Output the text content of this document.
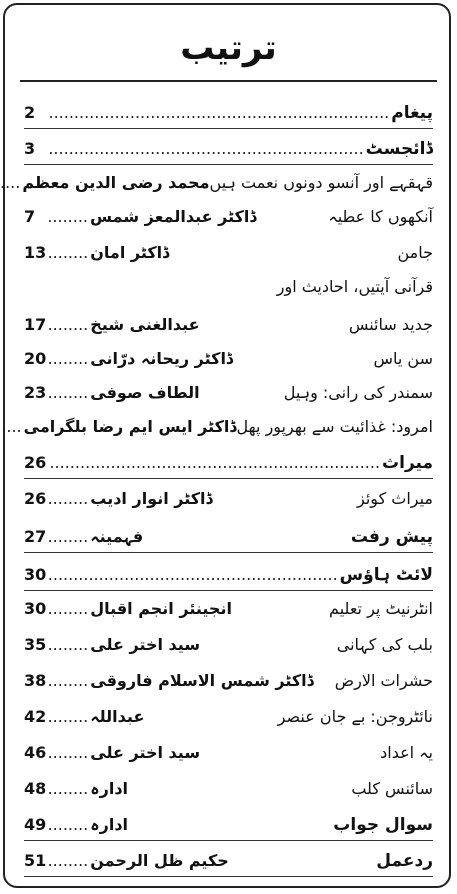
ترتیب
پیغام
.....
2
ڈائجسٹ
.....
3
قہقہے اور آنسو دونوں نعمت ہیں
محمد رضی الدین معظم
.....
آنکھوں کا عطیہ
ڈاکٹر عبدالمعز شمس
.....
7
جامن
ڈاکٹر امان
.....
13
قرآنی آیتیں، احادیث اور
جدید سائنس
عبدالغنی شیخ
.....
17
سن یاس
ڈاکٹر ریحانہ درّانی
.....
20
سمندر کی رانی: وہیل
الطاف صوفی
.....
23
امرود: غذائیت سے بھرپور پھل
ڈاکٹر ایس ایم رضا بلگرامی
.....
میراث
.....
26
میراث کوئز
ڈاکٹر انوار ادیب
.....
26
پیش رفت
فہمینہ
.....
27
لائٹ ہاؤس
.....
30
انٹرنیٹ پر تعلیم
انجینئر انجم اقبال
.....
30
بلب کی کہانی
سید اختر علی
.....
35
حشرات الارض
ڈاکٹر شمس الاسلام فاروقی
.....
38
نائٹروجن: بے جان عنصر
عبداللہ
.....
42
یہ اعداد
سید اختر علی
.....
46
سائنس کلب
ادارہ
.....
48
سوال جواب
ادارہ
.....
49
ردعمل
حکیم ظل الرحمن
.....
51
